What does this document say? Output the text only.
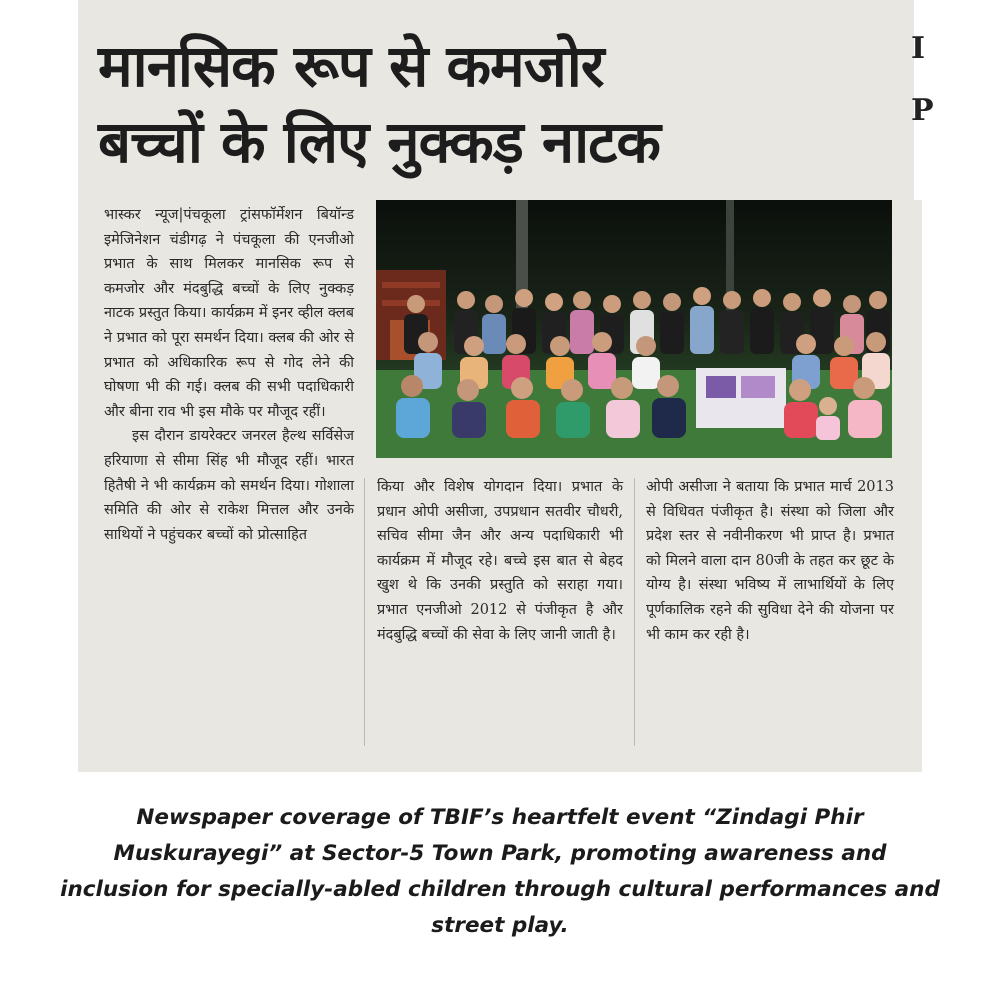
I
P
मानसिक रूप से कमजोर
बच्चों के लिए नुक्कड़ नाटक

भास्कर न्यूज|पंचकूला ट्रांसफॉर्मेशन बियॉन्ड इमेजिनेशन चंडीगढ़ ने पंचकूला की एनजीओ प्रभात के साथ मिलकर मानसिक रूप से कमजोर और मंदबुद्धि बच्चों के लिए नुक्कड़ नाटक प्रस्तुत किया। कार्यक्रम में इनर व्हील क्लब ने प्रभात को पूरा समर्थन दिया। क्लब की ओर से प्रभात को अधिकारिक रूप से गोद लेने की घोषणा भी की गई। क्लब की सभी पदाधिकारी और बीना राव भी इस मौके पर मौजूद रहीं।

इस दौरान डायरेक्टर जनरल हैल्थ सर्विसेज हरियाणा से सीमा सिंह भी मौजूद रहीं। भारत हितैषी ने भी कार्यक्रम को समर्थन दिया। गोशाला समिति की ओर से राकेश मित्तल और उनके साथियों ने पहुंचकर बच्चों को प्रोत्साहित

किया और विशेष योगदान दिया। प्रभात के प्रधान ओपी असीजा, उपप्रधान सतवीर चौधरी, सचिव सीमा जैन और अन्य पदाधिकारी भी कार्यक्रम में मौजूद रहे। बच्चे इस बात से बेहद खुश थे कि उनकी प्रस्तुति को सराहा गया। प्रभात एनजीओ 2012 से पंजीकृत है और मंदबुद्धि बच्चों की सेवा के लिए जानी जाती है।

ओपी असीजा ने बताया कि प्रभात मार्च 2013 से विधिवत पंजीकृत है। संस्था को जिला और प्रदेश स्तर से नवीनीकरण भी प्राप्त है। प्रभात को मिलने वाला दान 80जी के तहत कर छूट के योग्य है। संस्था भविष्य में लाभार्थियों के लिए पूर्णकालिक रहने की सुविधा देने की योजना पर भी काम कर रही है।

Newspaper coverage of TBIF’s heartfelt event “Zindagi Phir Muskurayegi” at Sector-5 Town Park, promoting awareness and inclusion for specially-abled children through cultural performances and street play.
